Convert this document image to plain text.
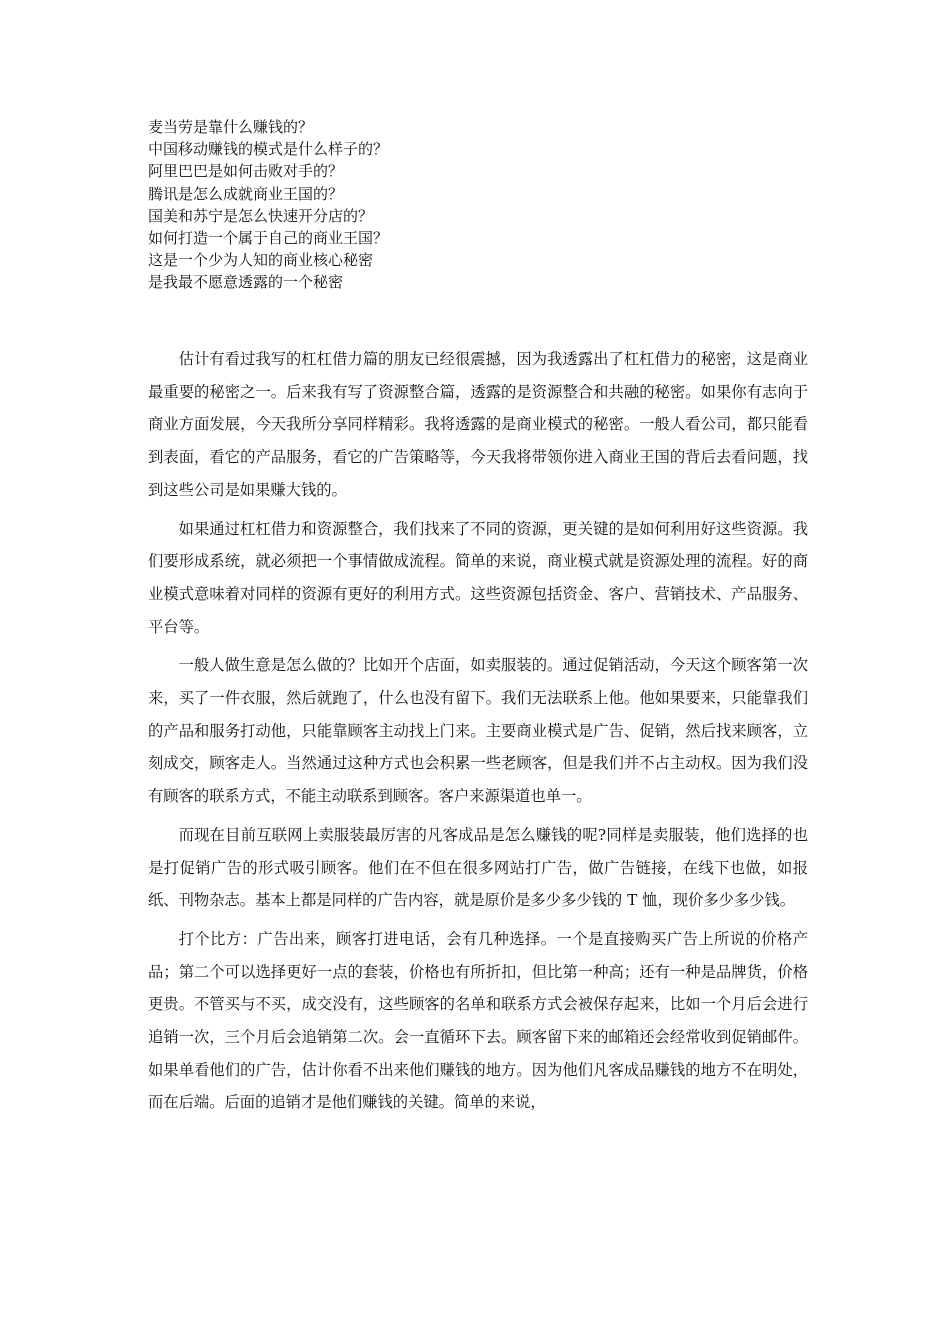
麦当劳是靠什么赚钱的？
中国移动赚钱的模式是什么样子的？
阿里巴巴是如何击败对手的？
腾讯是怎么成就商业王国的？
国美和苏宁是怎么快速开分店的？
如何打造一个属于自己的商业王国？
这是一个少为人知的商业核心秘密
是我最不愿意透露的一个秘密

估计有看过我写的杠杠借力篇的朋友已经很震撼，因为我透露出了杠杠借力的秘密，这是商业最重要的秘密之一。后来我有写了资源整合篇，透露的是资源整合和共融的秘密。如果你有志向于商业方面发展，今天我所分享同样精彩。我将透露的是商业模式的秘密。一般人看公司，都只能看到表面，看它的产品服务，看它的广告策略等，今天我将带领你进入商业王国的背后去看问题，找到这些公司是如果赚大钱的。

如果通过杠杠借力和资源整合，我们找来了不同的资源，更关键的是如何利用好这些资源。我们要形成系统，就必须把一个事情做成流程。简单的来说，商业模式就是资源处理的流程。好的商业模式意味着对同样的资源有更好的利用方式。这些资源包括资金、客户、营销技术、产品服务、平台等。

一般人做生意是怎么做的？比如开个店面，如卖服装的。通过促销活动，今天这个顾客第一次来，买了一件衣服，然后就跑了，什么也没有留下。我们无法联系上他。他如果要来，只能靠我们的产品和服务打动他，只能靠顾客主动找上门来。主要商业模式是广告、促销，然后找来顾客，立刻成交，顾客走人。当然通过这种方式也会积累一些老顾客，但是我们并不占主动权。因为我们没有顾客的联系方式，不能主动联系到顾客。客户来源渠道也单一。

而现在目前互联网上卖服装最厉害的凡客成品是怎么赚钱的呢?同样是卖服装，他们选择的也是打促销广告的形式吸引顾客。他们在不但在很多网站打广告，做广告链接，在线下也做，如报纸、刊物杂志。基本上都是同样的广告内容，就是原价是多少多少钱的 T 恤，现价多少多少钱。

打个比方：广告出来，顾客打进电话，会有几种选择。一个是直接购买广告上所说的价格产品；第二个可以选择更好一点的套装，价格也有所折扣，但比第一种高；还有一种是品牌货，价格更贵。不管买与不买，成交没有，这些顾客的名单和联系方式会被保存起来，比如一个月后会进行追销一次，三个月后会追销第二次。会一直循环下去。顾客留下来的邮箱还会经常收到促销邮件。如果单看他们的广告，估计你看不出来他们赚钱的地方。因为他们凡客成品赚钱的地方不在明处，而在后端。后面的追销才是他们赚钱的关键。简单的来说，
